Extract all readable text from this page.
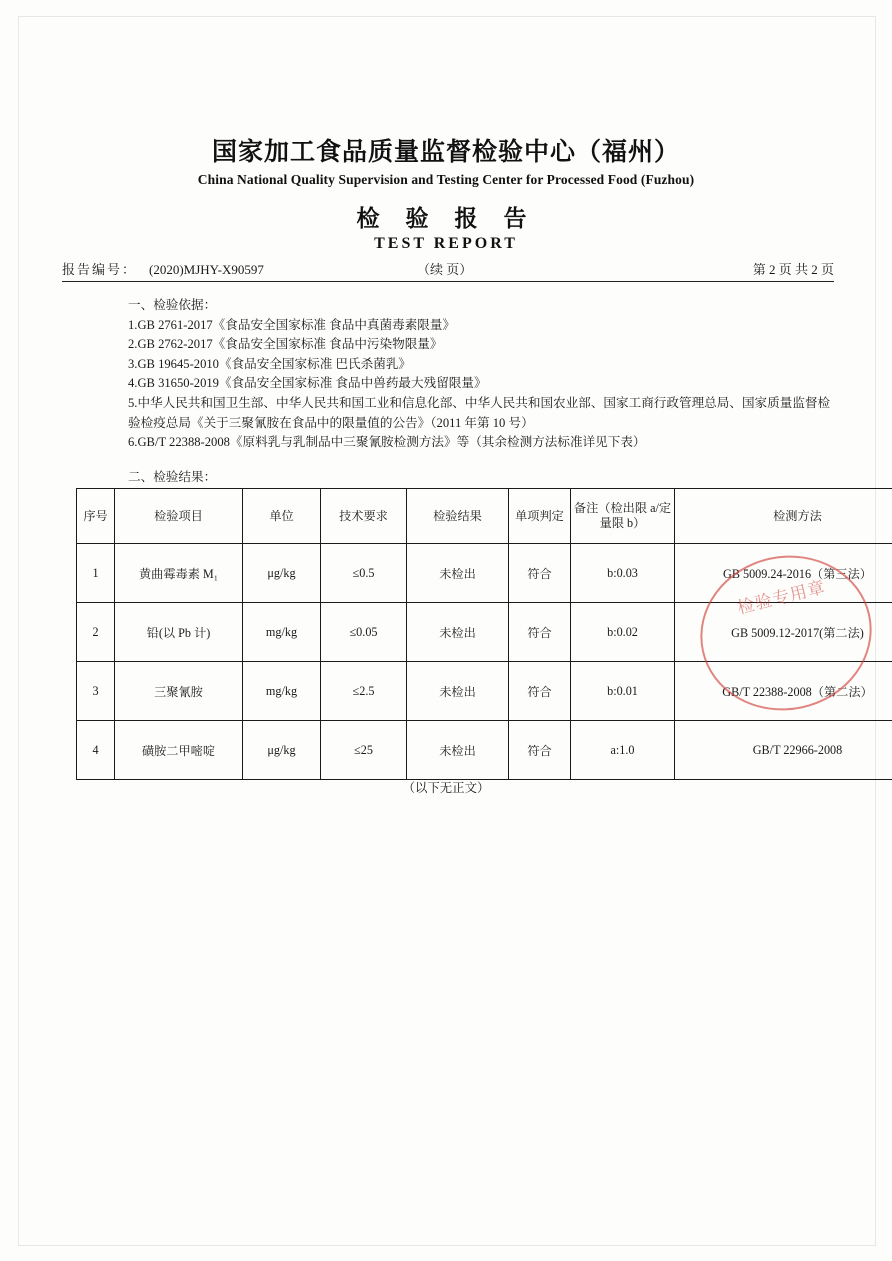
国家加工食品质量监督检验中心（福州）
China National Quality Supervision and Testing Center for Processed Food (Fuzhou)
检 验 报 告
TEST REPORT
报告编号： (2020)MJHY-X90597	（续 页）	第 2 页 共 2 页
一、检验依据：
1.GB 2761-2017《食品安全国家标准 食品中真菌毒素限量》
2.GB 2762-2017《食品安全国家标准 食品中污染物限量》
3.GB 19645-2010《食品安全国家标准 巴氏杀菌乳》
4.GB 31650-2019《食品安全国家标准 食品中兽药最大残留限量》
5.中华人民共和国卫生部、中华人民共和国工业和信息化部、中华人民共和国农业部、国家工商行政管理总局、国家质量监督检验检疫总局《关于三聚氰胺在食品中的限量值的公告》（2011 年第 10 号）
6.GB/T 22388-2008《原料乳与乳制品中三聚氰胺检测方法》等（其余检测方法标准详见下表）
二、检验结果：
序号	检验项目	单位	技术要求	检验结果	单项判定	备注（检出限 a/定量限 b）	检测方法
1	黄曲霉毒素 M₁	μg/kg	≤0.5	未检出	符合	b:0.03	GB 5009.24-2016（第三法）
2	铅(以 Pb 计)	mg/kg	≤0.05	未检出	符合	b:0.02	GB 5009.12-2017(第二法)
3	三聚氰胺	mg/kg	≤2.5	未检出	符合	b:0.01	GB/T 22388-2008（第二法）
4	磺胺二甲嘧啶	μg/kg	≤25	未检出	符合	a:1.0	GB/T 22966-2008
检验专用章
（以下无正文）
